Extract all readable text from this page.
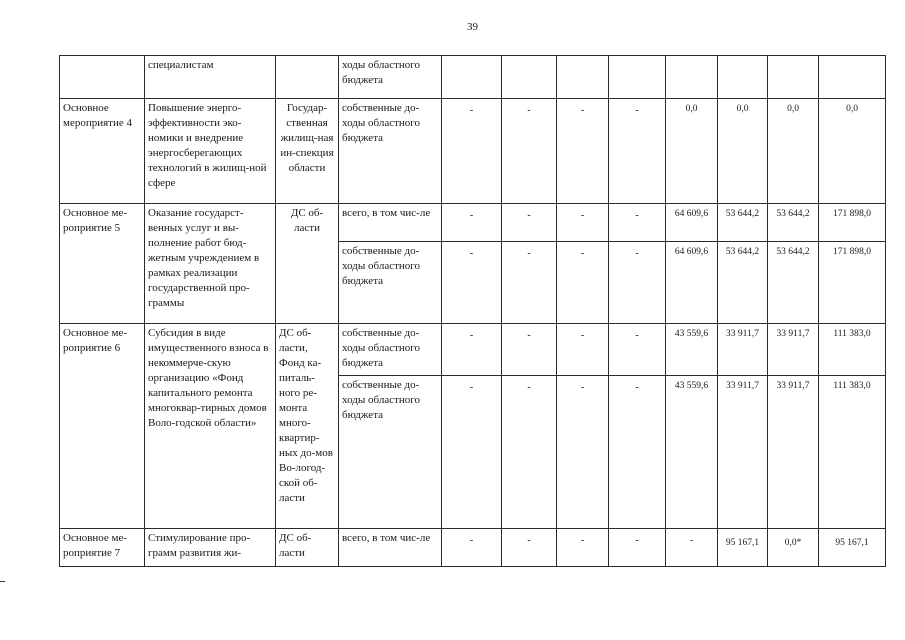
39
	специалистам		ходы областного бюджета								
Основное мероприятие 4	Повышение энерго-эффективности эко-номики и внедрение энергосберегающих технологий в жилищ-ной сфере	Государ-ственная жилищ-ная ин-спекция области	собственные до-ходы областного бюджета	-	-	-	-	0,0	0,0	0,0	0,0
Основное ме-роприятие 5	Оказание государст-венных услуг и вы-полнение работ бюд-жетным учреждением в рамках реализации государственной про-граммы	ДС об-ласти	всего, в том чис-ле	-	-	-	-	64 609,6	53 644,2	53 644,2	171 898,0
			собственные до-ходы областного бюджета	-	-	-	-	64 609,6	53 644,2	53 644,2	171 898,0
Основное ме-роприятие 6	Субсидия в виде имущественного взноса в некоммерче-скую организацию «Фонд капитального ремонта многоквар-тирных домов Воло-годской области»	ДС об-ласти, Фонд ка-питаль-ного ре-монта много-квартир-ных до-мов Во-логод-ской об-ласти	собственные до-ходы областного бюджета	-	-	-	-	43 559,6	33 911,7	33 911,7	111 383,0
			собственные до-ходы областного бюджета	-	-	-	-	43 559,6	33 911,7	33 911,7	111 383,0
Основное ме-роприятие 7	Стимулирование про-грамм развития жи-	ДС об-ласти	всего, в том чис-ле	-	-	-	-	-	95 167,1	0,0*	95 167,1
